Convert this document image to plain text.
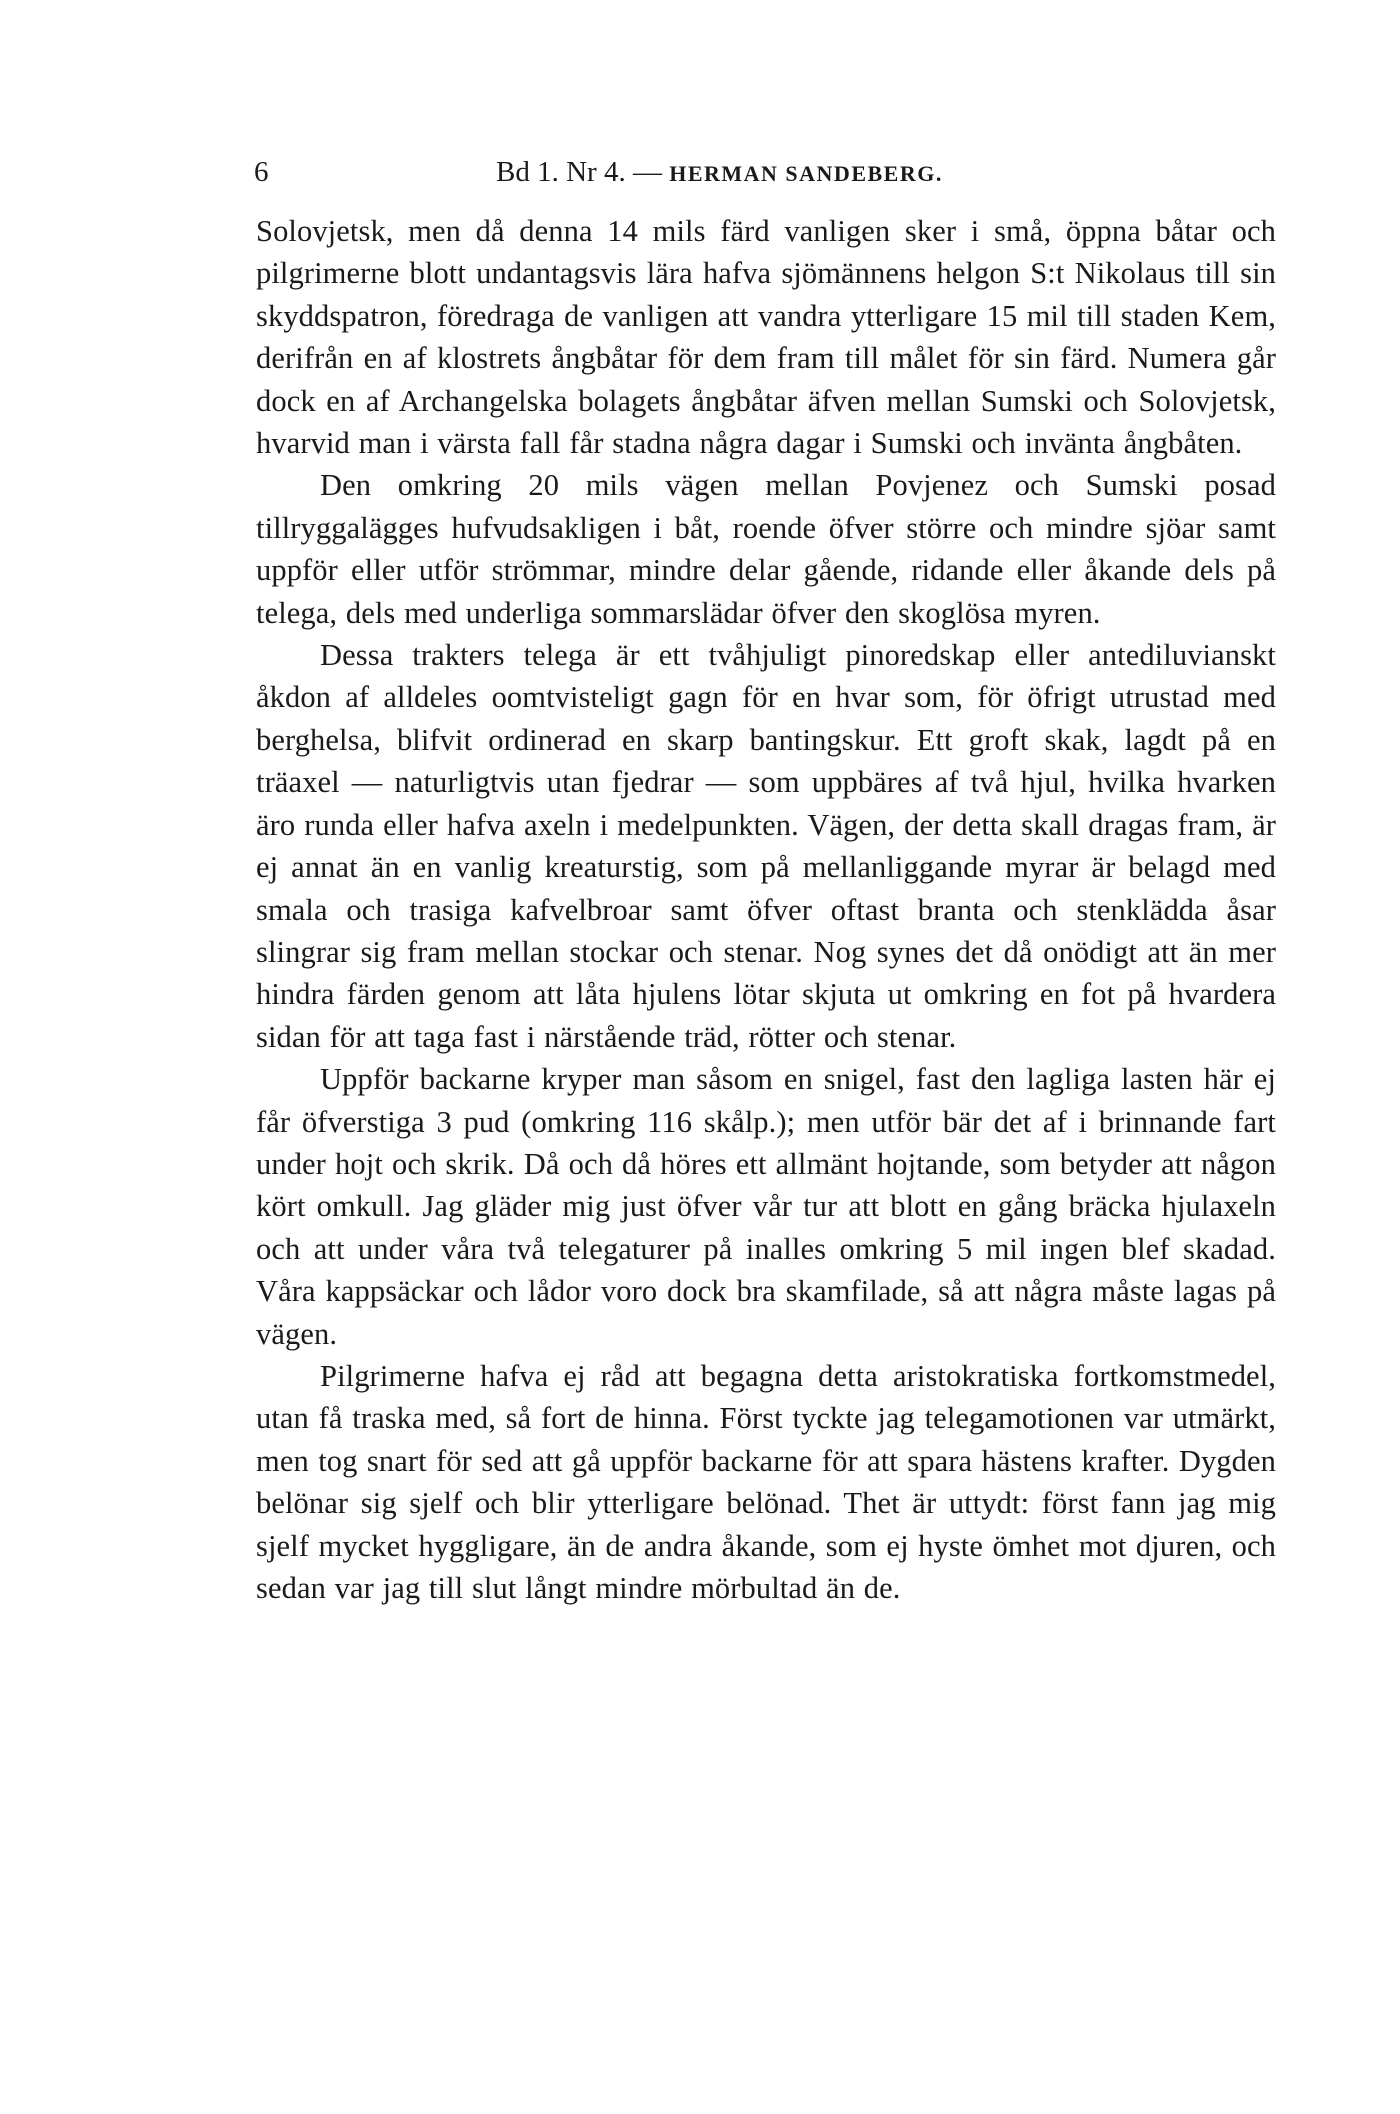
6	Bd 1. Nr 4. — HERMAN SANDEBERG.

Solovjetsk, men då denna 14 mils färd vanligen sker i små, öppna båtar och pilgrimerne blott undantagsvis lära hafva sjömännens helgon S:t Nikolaus till sin skyddspatron, föredraga de vanligen att vandra ytterligare 15 mil till staden Kem, derifrån en af klostrets ångbåtar för dem fram till målet för sin färd. Numera går dock en af Archangelska bolagets ångbåtar äfven mellan Sumski och Solovjetsk, hvarvid man i värsta fall får stadna några dagar i Sumski och invänta ångbåten.

Den omkring 20 mils vägen mellan Povjenez och Sumski posad tillryggalägges hufvudsakligen i båt, roende öfver större och mindre sjöar samt uppför eller utför strömmar, mindre delar gående, ridande eller åkande dels på telega, dels med underliga sommarslädar öfver den skoglösa myren.

Dessa trakters telega är ett tvåhjuligt pinoredskap eller antediluvianskt åkdon af alldeles oomtvisteligt gagn för en hvar som, för öfrigt utrustad med berghelsa, blifvit ordinerad en skarp bantingskur. Ett groft skak, lagdt på en träaxel — naturligtvis utan fjedrar — som uppbäres af två hjul, hvilka hvarken äro runda eller hafva axeln i medelpunkten. Vägen, der detta skall dragas fram, är ej annat än en vanlig kreaturstig, som på mellanliggande myrar är belagd med smala och trasiga kafvelbroar samt öfver oftast branta och stenklädda åsar slingrar sig fram mellan stockar och stenar. Nog synes det då onödigt att än mer hindra färden genom att låta hjulens lötar skjuta ut omkring en fot på hvardera sidan för att taga fast i närstående träd, rötter och stenar.

Uppför backarne kryper man såsom en snigel, fast den lagliga lasten här ej får öfverstiga 3 pud (omkring 116 skålp.); men utför bär det af i brinnande fart under hojt och skrik. Då och då höres ett allmänt hojtande, som betyder att någon kört omkull. Jag gläder mig just öfver vår tur att blott en gång bräcka hjulaxeln och att under våra två telegaturer på inalles omkring 5 mil ingen blef skadad. Våra kappsäckar och lådor voro dock bra skamfilade, så att några måste lagas på vägen.

Pilgrimerne hafva ej råd att begagna detta aristokratiska fortkomstmedel, utan få traska med, så fort de hinna. Först tyckte jag telegamotionen var utmärkt, men tog snart för sed att gå uppför backarne för att spara hästens krafter. Dygden belönar sig sjelf och blir ytterligare belönad. Thet är uttydt: först fann jag mig sjelf mycket hyggligare, än de andra åkande, som ej hyste ömhet mot djuren, och sedan var jag till slut långt mindre mörbultad än de.
